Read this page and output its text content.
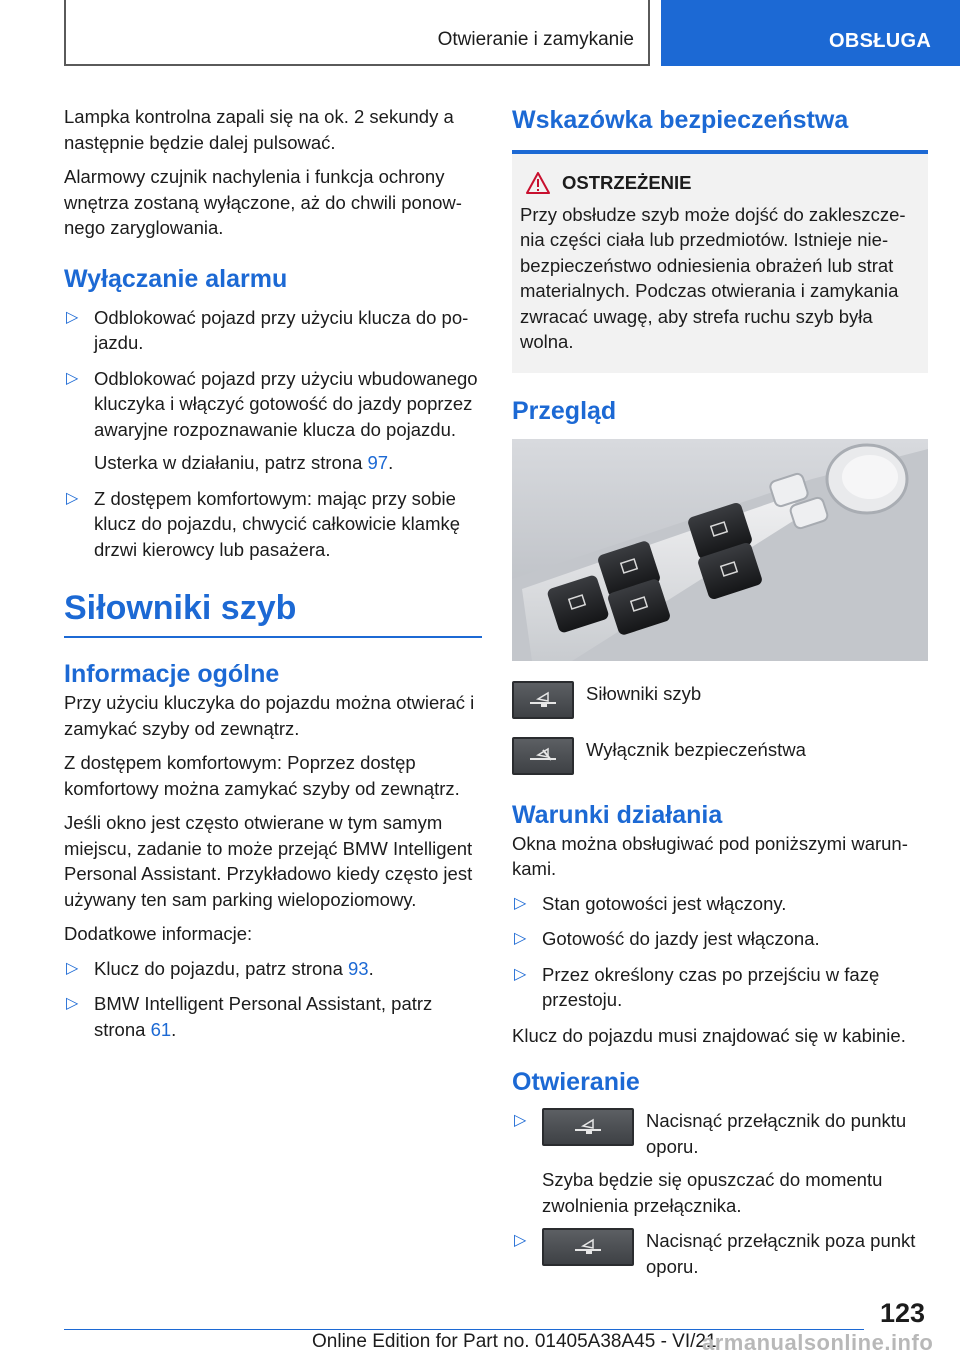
Otwieranie i zamykanie	OBSŁUGA

Lampka kontrolna zapali się na ok. 2 sekundy a następnie będzie dalej pulsować.

Alarmowy czujnik nachylenia i funkcja ochrony wnętrza zostaną wyłączone, aż do chwili ponownego zaryglowania.

Wyłączanie alarmu
▷ Odblokować pojazd przy użyciu klucza do pojazdu.
▷ Odblokować pojazd przy użyciu wbudowanego kluczyka i włączyć gotowość do jazdy poprzez awaryjne rozpoznawanie klucza do pojazdu.
Usterka w działaniu, patrz strona 97.
▷ Z dostępem komfortowym: mając przy sobie klucz do pojazdu, chwycić całkowicie klamkę drzwi kierowcy lub pasażera.
Siłowniki szyb
Informacje ogólne

Przy użyciu kluczyka do pojazdu można otwierać i zamykać szyby od zewnątrz.

Z dostępem komfortowym: Poprzez dostęp komfortowy można zamykać szyby od zewnątrz.

Jeśli okno jest często otwierane w tym samym miejscu, zadanie to może przejąć BMW Intelligent Personal Assistant. Przykładowo kiedy często jest używany ten sam parking wielopoziomowy.

Dodatkowe informacje:

▷ Klucz do pojazdu, patrz strona 93.
▷ BMW Intelligent Personal Assistant, patrz strona 61.
Wskazówka bezpieczeństwa
OSTRZEŻENIE
Przy obsłudze szyb może dojść do zakleszczenia części ciała lub przedmiotów. Istnieje niebezpieczeństwo odniesienia obrażeń lub strat materialnych. Podczas otwierania i zamykania zwracać uwagę, aby strefa ruchu szyb była wolna.
Przegląd
Siłowniki szyb
Wyłącznik bezpieczeństwa
Warunki działania

Okna można obsługiwać pod poniższymi warunkami.

▷ Stan gotowości jest włączony.
▷ Gotowość do jazdy jest włączona.
▷ Przez określony czas po przejściu w fazę przestoju.

Klucz do pojazdu musi znajdować się w kabinie.

Otwieranie
▷	Nacisnąć przełącznik do punktu oporu.
Szyba będzie się opuszczać do momentu zwolnienia przełącznika.
▷	Nacisnąć przełącznik poza punkt oporu.
123
Online Edition for Part no. 01405A38A45 - VI/21
armanualsonline.info
